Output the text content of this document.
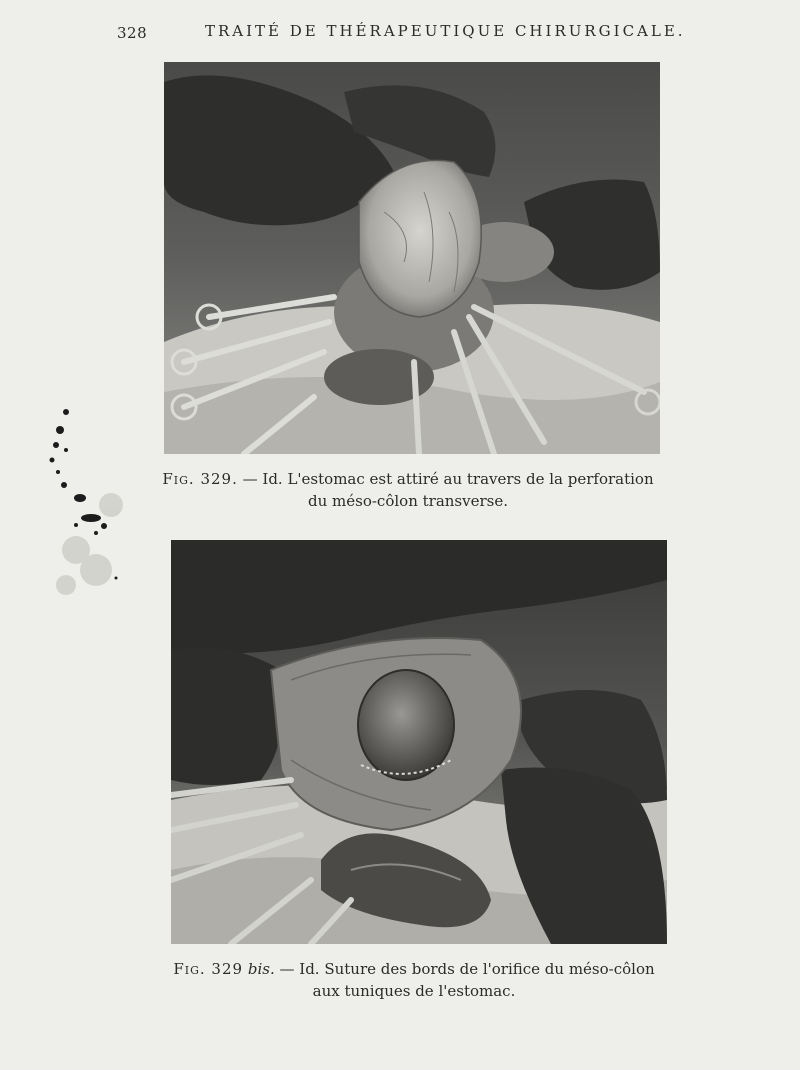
328	TRAITÉ DE THÉRAPEUTIQUE CHIRURGICALE.
Fig. 329. — Id. L'estomac est attiré au travers de la perforation
du méso-côlon transverse.
Fig. 329 bis. — Id. Suture des bords de l'orifice du méso-côlon
aux tuniques de l'estomac.
